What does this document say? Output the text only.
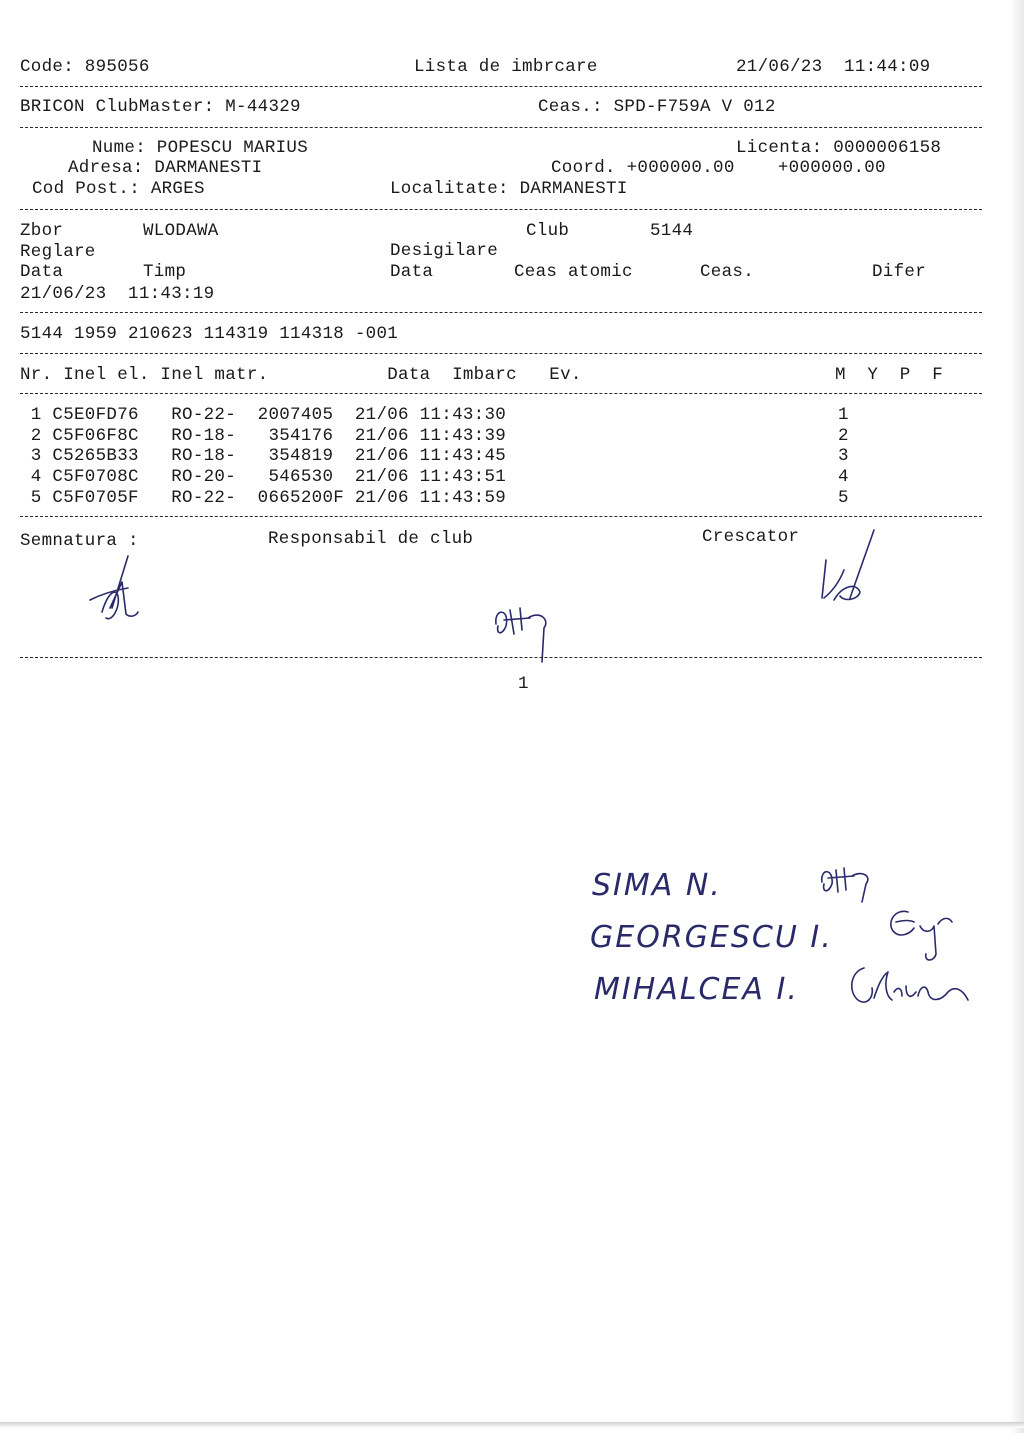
Code: 895056	Lista de imbrcare	21/06/23  11:44:09
BRICON ClubMaster: M-44329	Ceas.: SPD-F759A V 012
Nume: POPESCU MARIUS	Licenta: 0000006158
Adresa: DARMANESTI	Coord. +000000.00    +000000.00
Cod Post.: ARGES	Localitate: DARMANESTI
Zbor	WLODAWA	Club	5144
Reglare	Desigilare
Data	Timp	Data	Ceas atomic	Ceas.	Difer
21/06/23  11:43:19
5144 1959 210623 114319 114318 -001
Nr. Inel el. Inel matr.           Data  Imbarc   Ev.	M  Y  P  F
1 C5E0FD76   RO-22-  2007405  21/06 11:43:30	1
2 C5F06F8C   RO-18-   354176  21/06 11:43:39	2
3 C5265B33   RO-18-   354819  21/06 11:43:45	3
4 C5F0708C   RO-20-   546530  21/06 11:43:51	4
5 C5F0705F   RO-22-  0665200F 21/06 11:43:59	5
Semnatura :	Responsabil de club	Crescator
1
SIMA N.
GEORGESCU I.
MIHALCEA I.
